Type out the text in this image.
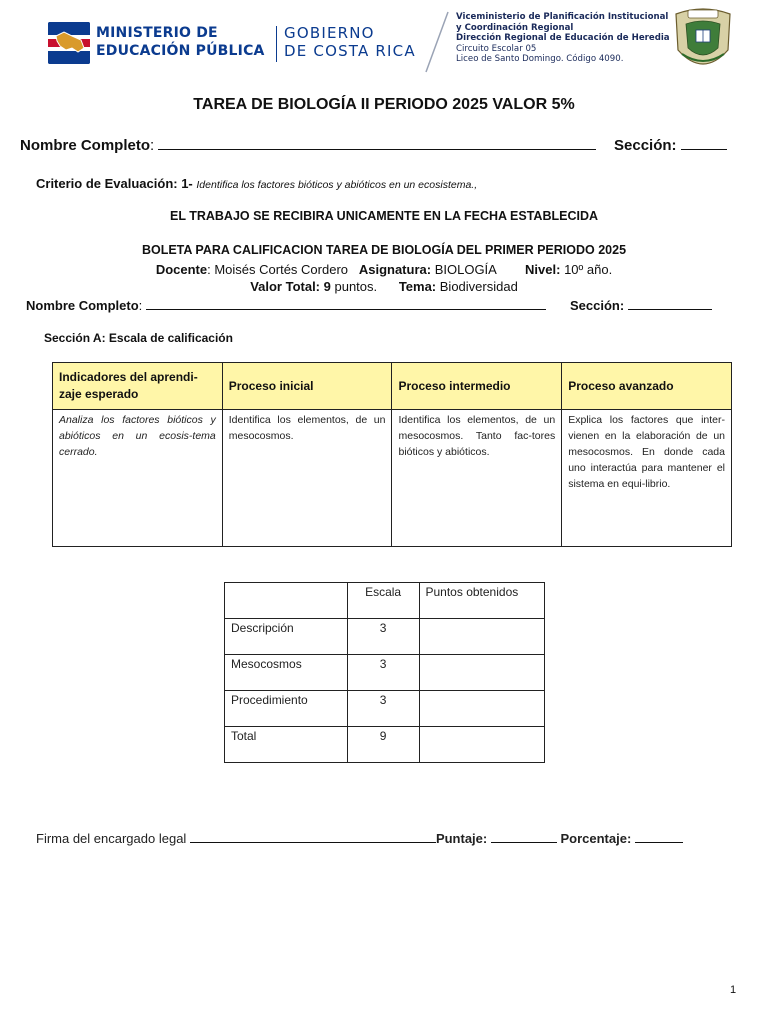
MINISTERIO DE
EDUCACIÓN PÚBLICA
GOBIERNO
DE COSTA RICA
Viceministerio de Planificación Institucional
y Coordinación Regional
Dirección Regional de Educación de Heredia
Circuito Escolar 05
Liceo de Santo Domingo. Código 4090.
TAREA DE BIOLOGÍA II PERIODO 2025 VALOR 5%
Nombre Completo:	Sección:
Criterio de Evaluación: 1- Identifica los factores bióticos y abióticos en un ecosistema.,
EL TRABAJO SE RECIBIRA UNICAMENTE EN LA FECHA ESTABLECIDA
BOLETA PARA CALIFICACION TAREA DE BIOLOGÍA DEL PRIMER PERIODO 2025
Docente: Moisés Cortés Cordero Asignatura: BIOLOGÍA Nivel: 10º año.
Valor Total: 9 puntos. Tema: Biodiversidad
Nombre Completo:	Sección:
Sección A: Escala de calificación
Indicadores del aprendi-zaje esperado	Proceso inicial	Proceso intermedio	Proceso avanzado
Analiza los factores bióticos y abióticos en un ecosis-tema cerrado.	Identifica los elementos, de un mesocosmos.	Identifica los elementos, de un mesocosmos. Tanto fac-tores bióticos y abióticos.	Explica los factores que inter-vienen en la elaboración de un mesocosmos. En donde cada uno interactúa para mantener el sistema en equi-librio.
	Escala	Puntos obtenidos
Descripción	3	
Mesocosmos	3	
Procedimiento	3	
Total	9	
Firma del encargado legal	Puntaje:	Porcentaje:
1
